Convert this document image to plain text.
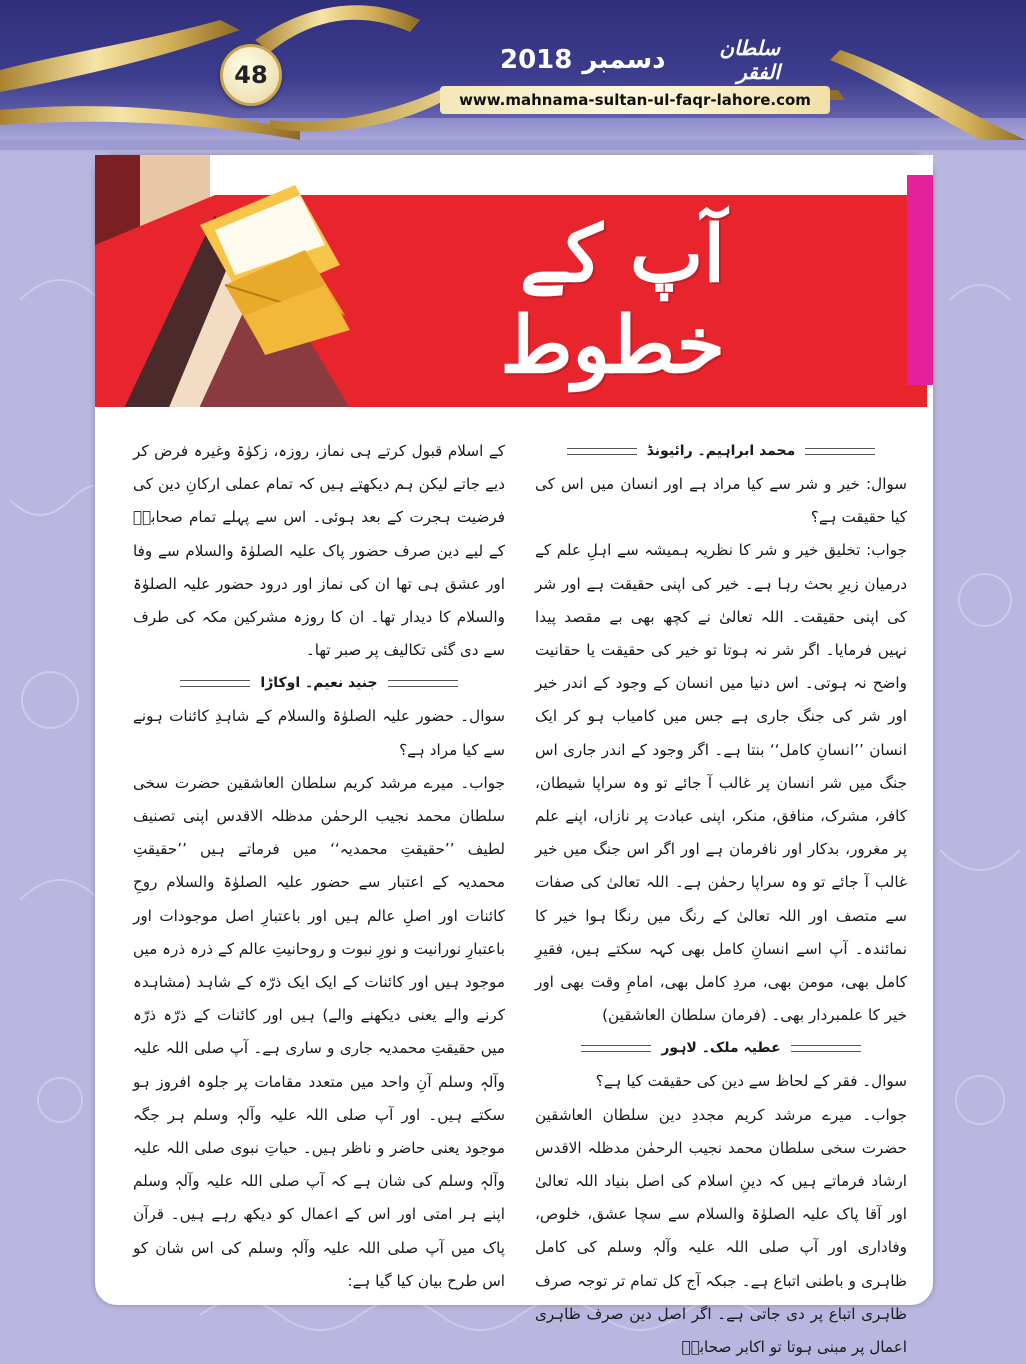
48
سلطان الفقر
دسمبر
2018
www.mahnama-sultan-ul-faqr-lahore.com
آپ کے خطوط
محمد ابراہیم۔ رائیونڈ

سوال: خیر و شر سے کیا مراد ہے اور انسان میں اس کی کیا حقیقت ہے؟

جواب: تخلیق خیر و شر کا نظریہ ہمیشہ سے اہلِ علم کے درمیان زیرِ بحث رہا ہے۔ خیر کی اپنی حقیقت ہے اور شر کی اپنی حقیقت۔ اللہ تعالیٰ نے کچھ بھی بے مقصد پیدا نہیں فرمایا۔ اگر شر نہ ہوتا تو خیر کی حقیقت یا حقانیت واضح نہ ہوتی۔ اس دنیا میں انسان کے وجود کے اندر خیر اور شر کی جنگ جاری ہے جس میں کامیاب ہو کر ایک انسان ’’انسانِ کامل‘‘ بنتا ہے۔ اگر وجود کے اندر جاری اس جنگ میں شر انسان پر غالب آ جائے تو وہ سراپا شیطان، کافر، مشرک، منافق، منکر، اپنی عبادت پر نازاں، اپنے علم پر مغرور، بدکار اور نافرمان ہے اور اگر اس جنگ میں خیر غالب آ جائے تو وہ سراپا رحمٰن ہے۔ اللہ تعالیٰ کی صفات سے متصف اور اللہ تعالیٰ کے رنگ میں رنگا ہوا خیر کا نمائندہ۔ آپ اسے انسانِ کامل بھی کہہ سکتے ہیں، فقیرِ کامل بھی، مومن بھی، مردِ کامل بھی، امامِ وقت بھی اور خیر کا علمبردار بھی۔ (فرمان سلطان العاشقین)

عطیہ ملک۔ لاہور

سوال۔ فقر کے لحاظ سے دین کی حقیقت کیا ہے؟

جواب۔ میرے مرشد کریم مجددِ دین سلطان العاشقین حضرت سخی سلطان محمد نجیب الرحمٰن مدظلہ الاقدس ارشاد فرماتے ہیں کہ دینِ اسلام کی اصل بنیاد اللہ تعالیٰ اور آقا پاک علیہ الصلوٰۃ والسلام سے سچا عشق، خلوص، وفاداری اور آپ صلی اللہ علیہ وآلہٖ وسلم کی کامل ظاہری و باطنی اتباع ہے۔ جبکہ آج کل تمام تر توجہ صرف ظاہری اتباع پر دی جاتی ہے۔ اگر اصل دین صرف ظاہری اعمال پر مبنی ہوتا تو اکابر صحابہؓ

کے اسلام قبول کرتے ہی نماز، روزہ، زکوٰۃ وغیرہ فرض کر دیے جاتے لیکن ہم دیکھتے ہیں کہ تمام عملی ارکانِ دین کی فرضیت ہجرت کے بعد ہوئی۔ اس سے پہلے تمام صحابہؓ کے لیے دین صرف حضور پاک علیہ الصلوٰۃ والسلام سے وفا اور عشق ہی تھا ان کی نماز اور درود حضور علیہ الصلوٰۃ والسلام کا دیدار تھا۔ ان کا روزہ مشرکین مکہ کی طرف سے دی گئی تکالیف پر صبر تھا۔

جنید نعیم۔ اوکاڑا

سوال۔ حضور علیہ الصلوٰۃ والسلام کے شاہدِ کائنات ہونے سے کیا مراد ہے؟

جواب۔ میرے مرشد کریم سلطان العاشقین حضرت سخی سلطان محمد نجیب الرحمٰن مدظلہ الاقدس اپنی تصنیف لطیف ’’حقیقتِ محمدیہ‘‘ میں فرماتے ہیں ’’حقیقتِ محمدیہ کے اعتبار سے حضور علیہ الصلوٰۃ والسلام روحِ کائنات اور اصلِ عالم ہیں اور باعتبارِ اصل موجودات اور باعتبارِ نورانیت و نورِ نبوت و روحانیتِ عالم کے ذرہ ذرہ میں موجود ہیں اور کائنات کے ایک ایک ذرّہ کے شاہد (مشاہدہ کرنے والے یعنی دیکھنے والے) ہیں اور کائنات کے ذرّہ ذرّہ میں حقیقتِ محمدیہ جاری و ساری ہے۔ آپ صلی اللہ علیہ وآلہٖ وسلم آنِ واحد میں متعدد مقامات پر جلوہ افروز ہو سکتے ہیں۔ اور آپ صلی اللہ علیہ وآلہٖ وسلم ہر جگہ موجود یعنی حاضر و ناظر ہیں۔ حیاتِ نبوی صلی اللہ علیہ وآلہٖ وسلم کی شان ہے کہ آپ صلی اللہ علیہ وآلہٖ وسلم اپنے ہر امتی اور اس کے اعمال کو دیکھ رہے ہیں۔ قرآن پاک میں آپ صلی اللہ علیہ وآلہٖ وسلم کی اس شان کو اس طرح بیان کیا گیا ہے:
